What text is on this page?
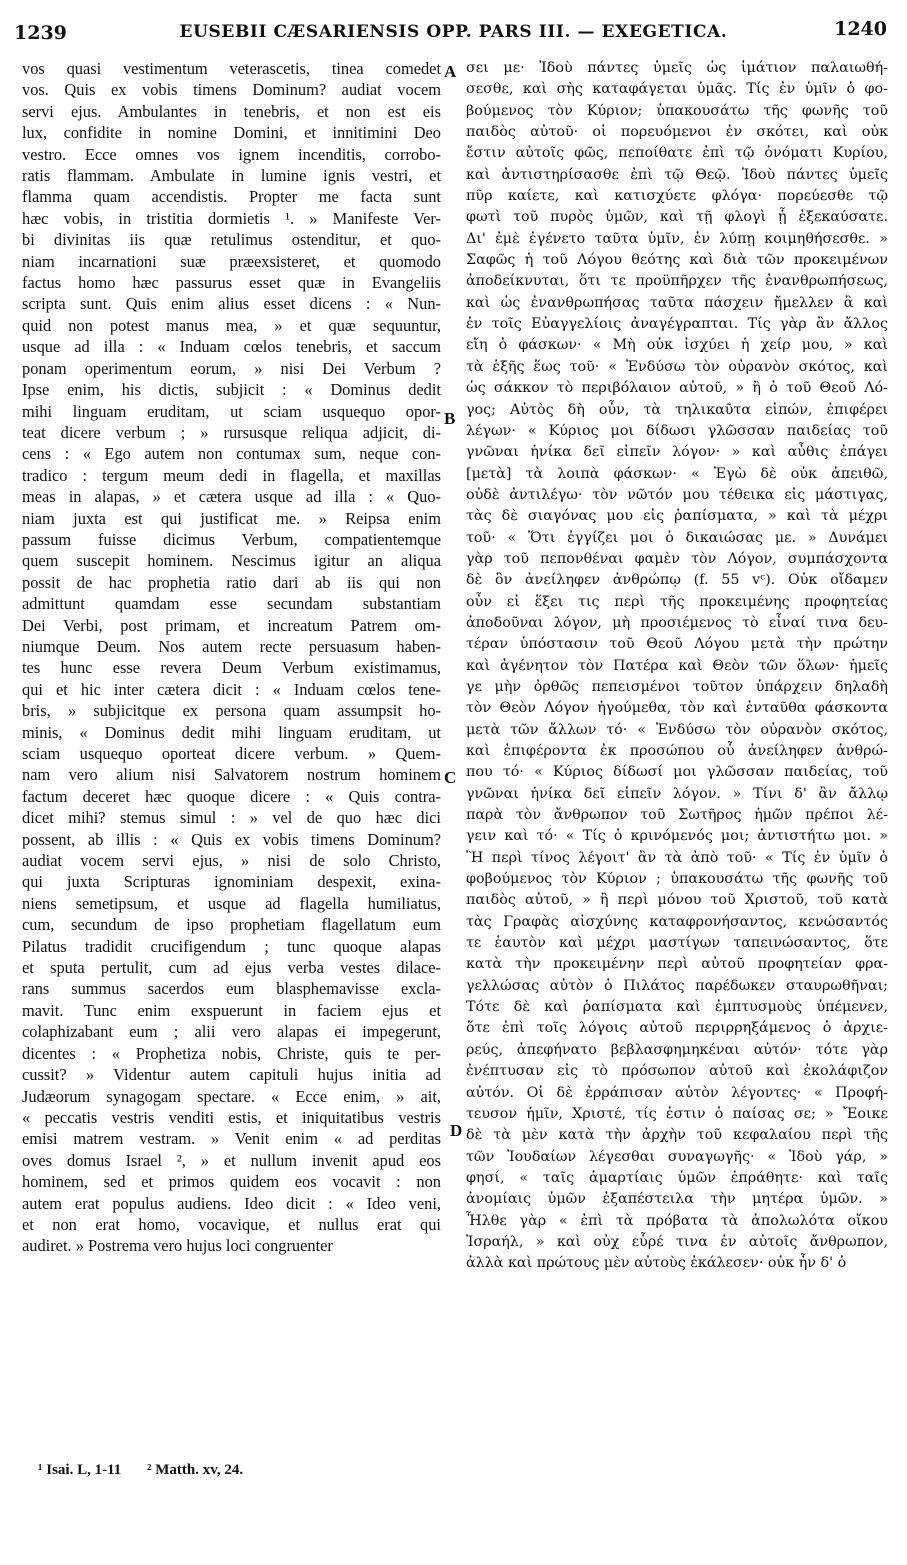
1239	EUSEBII CÆSARIENSIS OPP. PARS III. — EXEGETICA.	1240
vos quasi vestimentum veterascetis, tinea comedet
vos. Quis ex vobis timens Dominum? audiat vocem
servi ejus. Ambulantes in tenebris, et non est eis
lux, confidite in nomine Domini, et innitimini Deo
vestro. Ecce omnes vos ignem incenditis, corrobo-
ratis flammam. Ambulate in lumine ignis vestri, et
flamma quam accendistis. Propter me facta sunt
hæc vobis, in tristitia dormietis ¹. » Manifeste Ver-
bi divinitas iis quæ retulimus ostenditur, et quo-
niam incarnationi suæ præexsisteret, et quomodo
factus homo hæc passurus esset quæ in Evangeliis
scripta sunt. Quis enim alius esset dicens : « Nun-
quid non potest manus mea, » et quæ sequuntur,
usque ad illa : « Induam cœlos tenebris, et saccum
ponam operimentum eorum, » nisi Dei Verbum ?
Ipse enim, his dictis, subjicit : « Dominus dedit
mihi linguam eruditam, ut sciam usquequo opor-
teat dicere verbum ; » rursusque reliqua adjicit, di-
cens : « Ego autem non contumax sum, neque con-
tradico : tergum meum dedi in flagella, et maxillas
meas in alapas, » et cætera usque ad illa : « Quo-
niam juxta est qui justificat me. » Reipsa enim
passum fuisse dicimus Verbum, compatientemque
quem suscepit hominem. Nescimus igitur an aliqua
possit de hac prophetia ratio dari ab iis qui non
admittunt quamdam esse secundam substantiam
Dei Verbi, post primam, et increatum Patrem om-
niumque Deum. Nos autem recte persuasum haben-
tes hunc esse revera Deum Verbum existimamus,
qui et hic inter cætera dicit : « Induam cœlos tene-
bris, » subjicitque ex persona quam assumpsit ho-
minis, « Dominus dedit mihi linguam eruditam, ut
sciam usquequo oporteat dicere verbum. » Quem-
nam vero alium nisi Salvatorem nostrum hominem
factum deceret hæc quoque dicere : « Quis contra-
dicet mihi? stemus simul : » vel de quo hæc dici
possent, ab illis : « Quis ex vobis timens Dominum?
audiat vocem servi ejus, » nisi de solo Christo,
qui juxta Scripturas ignominiam despexit, exina-
niens semetipsum, et usque ad flagella humiliatus,
cum, secundum de ipso prophetiam flagellatum eum
Pilatus tradidit crucifigendum ; tunc quoque alapas
et sputa pertulit, cum ad ejus verba vestes dilace-
rans summus sacerdos eum blasphemavisse excla-
mavit. Tunc enim exspuerunt in faciem ejus et
colaphizabant eum ; alii vero alapas ei impegerunt,
dicentes : « Prophetiza nobis, Christe, quis te per-
cussit? » Videntur autem capituli hujus initia ad
Judæorum synagogam spectare. « Ecce enim, » ait,
« peccatis vestris venditi estis, et iniquitatibus vestris
emisi matrem vestram. » Venit enim « ad perditas
oves domus Israel ², » et nullum invenit apud eos
hominem, sed et primos quidem eos vocavit : non
autem erat populus audiens. Ideo dicit : « Ideo veni,
et non erat homo, vocavique, et nullus erat qui
audiret. » Postrema vero hujus loci congruenter
σει με· Ἰδοὺ πάντες ὑμεῖς ὡς ἱμάτιον παλαιωθή-
σεσθε, καὶ σὴς καταφάγεται ὑμᾶς. Τίς ἐν ὑμῖν ὁ φο-
βούμενος τὸν Κύριον; ὑπακουσάτω τῆς φωνῆς τοῦ
παιδὸς αὐτοῦ· οἱ πορευόμενοι ἐν σκότει, καὶ οὐκ
ἔστιν αὐτοῖς φῶς, πεποίθατε ἐπὶ τῷ ὀνόματι Κυρίου,
καὶ ἀντιστηρίσασθε ἐπὶ τῷ Θεῷ. Ἰδοὺ πάντες ὑμεῖς
πῦρ καίετε, καὶ κατισχύετε φλόγα· πορεύεσθε τῷ
φωτὶ τοῦ πυρὸς ὑμῶν, καὶ τῇ φλογὶ ᾗ ἐξεκαύσατε.
Δι' ἐμὲ ἐγένετο ταῦτα ὑμῖν, ἐν λύπῃ κοιμηθήσεσθε. »
Σαφῶς ἡ τοῦ Λόγου θεότης καὶ διὰ τῶν προκειμένων
ἀποδείκνυται, ὅτι τε προϋπῆρχεν τῆς ἐνανθρωπήσεως,
καὶ ὡς ἐνανθρωπήσας ταῦτα πάσχειν ἤμελλεν ἃ καὶ
ἐν τοῖς Εὐαγγελίοις ἀναγέγραπται. Τίς γὰρ ἂν ἄλλος
εἴη ὁ φάσκων· « Μὴ οὐκ ἰσχύει ἡ χείρ μου, » καὶ
τὰ ἑξῆς ἕως τοῦ· « Ἐνδύσω τὸν οὐρανὸν σκότος, καὶ
ὡς σάκκον τὸ περιβόλαιον αὐτοῦ, » ἢ ὁ τοῦ Θεοῦ Λό-
γος; Αὐτὸς δὴ οὖν, τὰ τηλικαῦτα εἰπών, ἐπιφέρει
λέγων· « Κύριος μοι δίδωσι γλῶσσαν παιδείας τοῦ
γνῶναι ἡνίκα δεῖ εἰπεῖν λόγον· » καὶ αὖθις ἐπάγει
[μετὰ] τὰ λοιπὰ φάσκων· « Ἐγὼ δὲ οὐκ ἀπειθῶ,
οὐδὲ ἀντιλέγω· τὸν νῶτόν μου τέθεικα εἰς μάστιγας,
τὰς δὲ σιαγόνας μου εἰς ῥαπίσματα, » καὶ τὰ μέχρι
τοῦ· « Ὅτι ἐγγίζει μοι ὁ δικαιώσας με. » Δυνάμει
γὰρ τοῦ πεπονθέναι φαμὲν τὸν Λόγον, συμπάσχοντα
δὲ ὃν ἀνείληφεν ἀνθρώπῳ (f. 55 vᶜ). Οὐκ οἴδαμεν
οὖν εἰ ἕξει τις περὶ τῆς προκειμένης προφητείας
ἀποδοῦναι λόγον, μὴ προσιέμενος τὸ εἶναί τινα δευ-
τέραν ὑπόστασιν τοῦ Θεοῦ Λόγου μετὰ τὴν πρώτην
καὶ ἀγένητον τὸν Πατέρα καὶ Θεὸν τῶν ὅλων· ἡμεῖς
γε μὴν ὀρθῶς πεπεισμένοι τοῦτον ὑπάρχειν δηλαδὴ
τὸν Θεὸν Λόγον ἡγούμεθα, τὸν καὶ ἐνταῦθα φάσκοντα
μετὰ τῶν ἄλλων τό· « Ἐνδύσω τὸν οὐρανὸν σκότος,
καὶ ἐπιφέροντα ἐκ προσώπου οὗ ἀνείληφεν ἀνθρώ-
που τό· « Κύριος δίδωσί μοι γλῶσσαν παιδείας, τοῦ
γνῶναι ἡνίκα δεῖ εἰπεῖν λόγον. » Τίνι δ' ἂν ἄλλῳ
παρὰ τὸν ἄνθρωπον τοῦ Σωτῆρος ἡμῶν πρέποι λέ-
γειν καὶ τό· « Τίς ὁ κρινόμενός μοι; ἀντιστήτω μοι. »
Ἢ περὶ τίνος λέγοιτ' ἂν τὰ ἀπὸ τοῦ· « Τίς ἐν ὑμῖν ὁ
φοβούμενος τὸν Κύριον ; ὑπακουσάτω τῆς φωνῆς τοῦ
παιδὸς αὐτοῦ, » ἢ περὶ μόνου τοῦ Χριστοῦ, τοῦ κατὰ
τὰς Γραφὰς αἰσχύνης καταφρονήσαντος, κενώσαντός
τε ἑαυτὸν καὶ μέχρι μαστίγων ταπεινώσαντος, ὅτε
κατὰ τὴν προκειμένην περὶ αὐτοῦ προφητείαν φρα-
γελλώσας αὐτὸν ὁ Πιλάτος παρέδωκεν σταυρωθῆναι;
Τότε δὲ καὶ ῥαπίσματα καὶ ἐμπτυσμοὺς ὑπέμενεν,
ὅτε ἐπὶ τοῖς λόγοις αὐτοῦ περιρρηξάμενος ὁ ἀρχιε-
ρεύς, ἀπεφήνατο βεβλασφημηκέναι αὐτόν· τότε γὰρ
ἐνέπτυσαν εἰς τὸ πρόσωπον αὐτοῦ καὶ ἐκολάφιζον
αὐτόν. Οἱ δὲ ἐρράπισαν αὐτὸν λέγοντες· « Προφή-
τευσον ἡμῖν, Χριστέ, τίς ἐστιν ὁ παίσας σε; » Ἔοικε
δὲ τὰ μὲν κατὰ τὴν ἀρχὴν τοῦ κεφαλαίου περὶ τῆς
τῶν Ἰουδαίων λέγεσθαι συναγωγῆς· « Ἰδοὺ γάρ, »
φησί, « ταῖς ἁμαρτίαις ὑμῶν ἐπράθητε· καὶ ταῖς
ἀνομίαις ὑμῶν ἐξαπέστειλα τὴν μητέρα ὑμῶν. »
Ἦλθε γὰρ « ἐπὶ τὰ πρόβατα τὰ ἀπολωλότα οἴκου
Ἰσραήλ, » καὶ οὐχ εὗρέ τινα ἐν αὐτοῖς ἄνθρωπον,
ἀλλὰ καὶ πρώτους μὲν αὐτοὺς ἐκάλεσεν· οὐκ ἦν δ' ὁ
A
B
C
D
¹ Isai. L, 1-11 ² Matth. xv, 24.
